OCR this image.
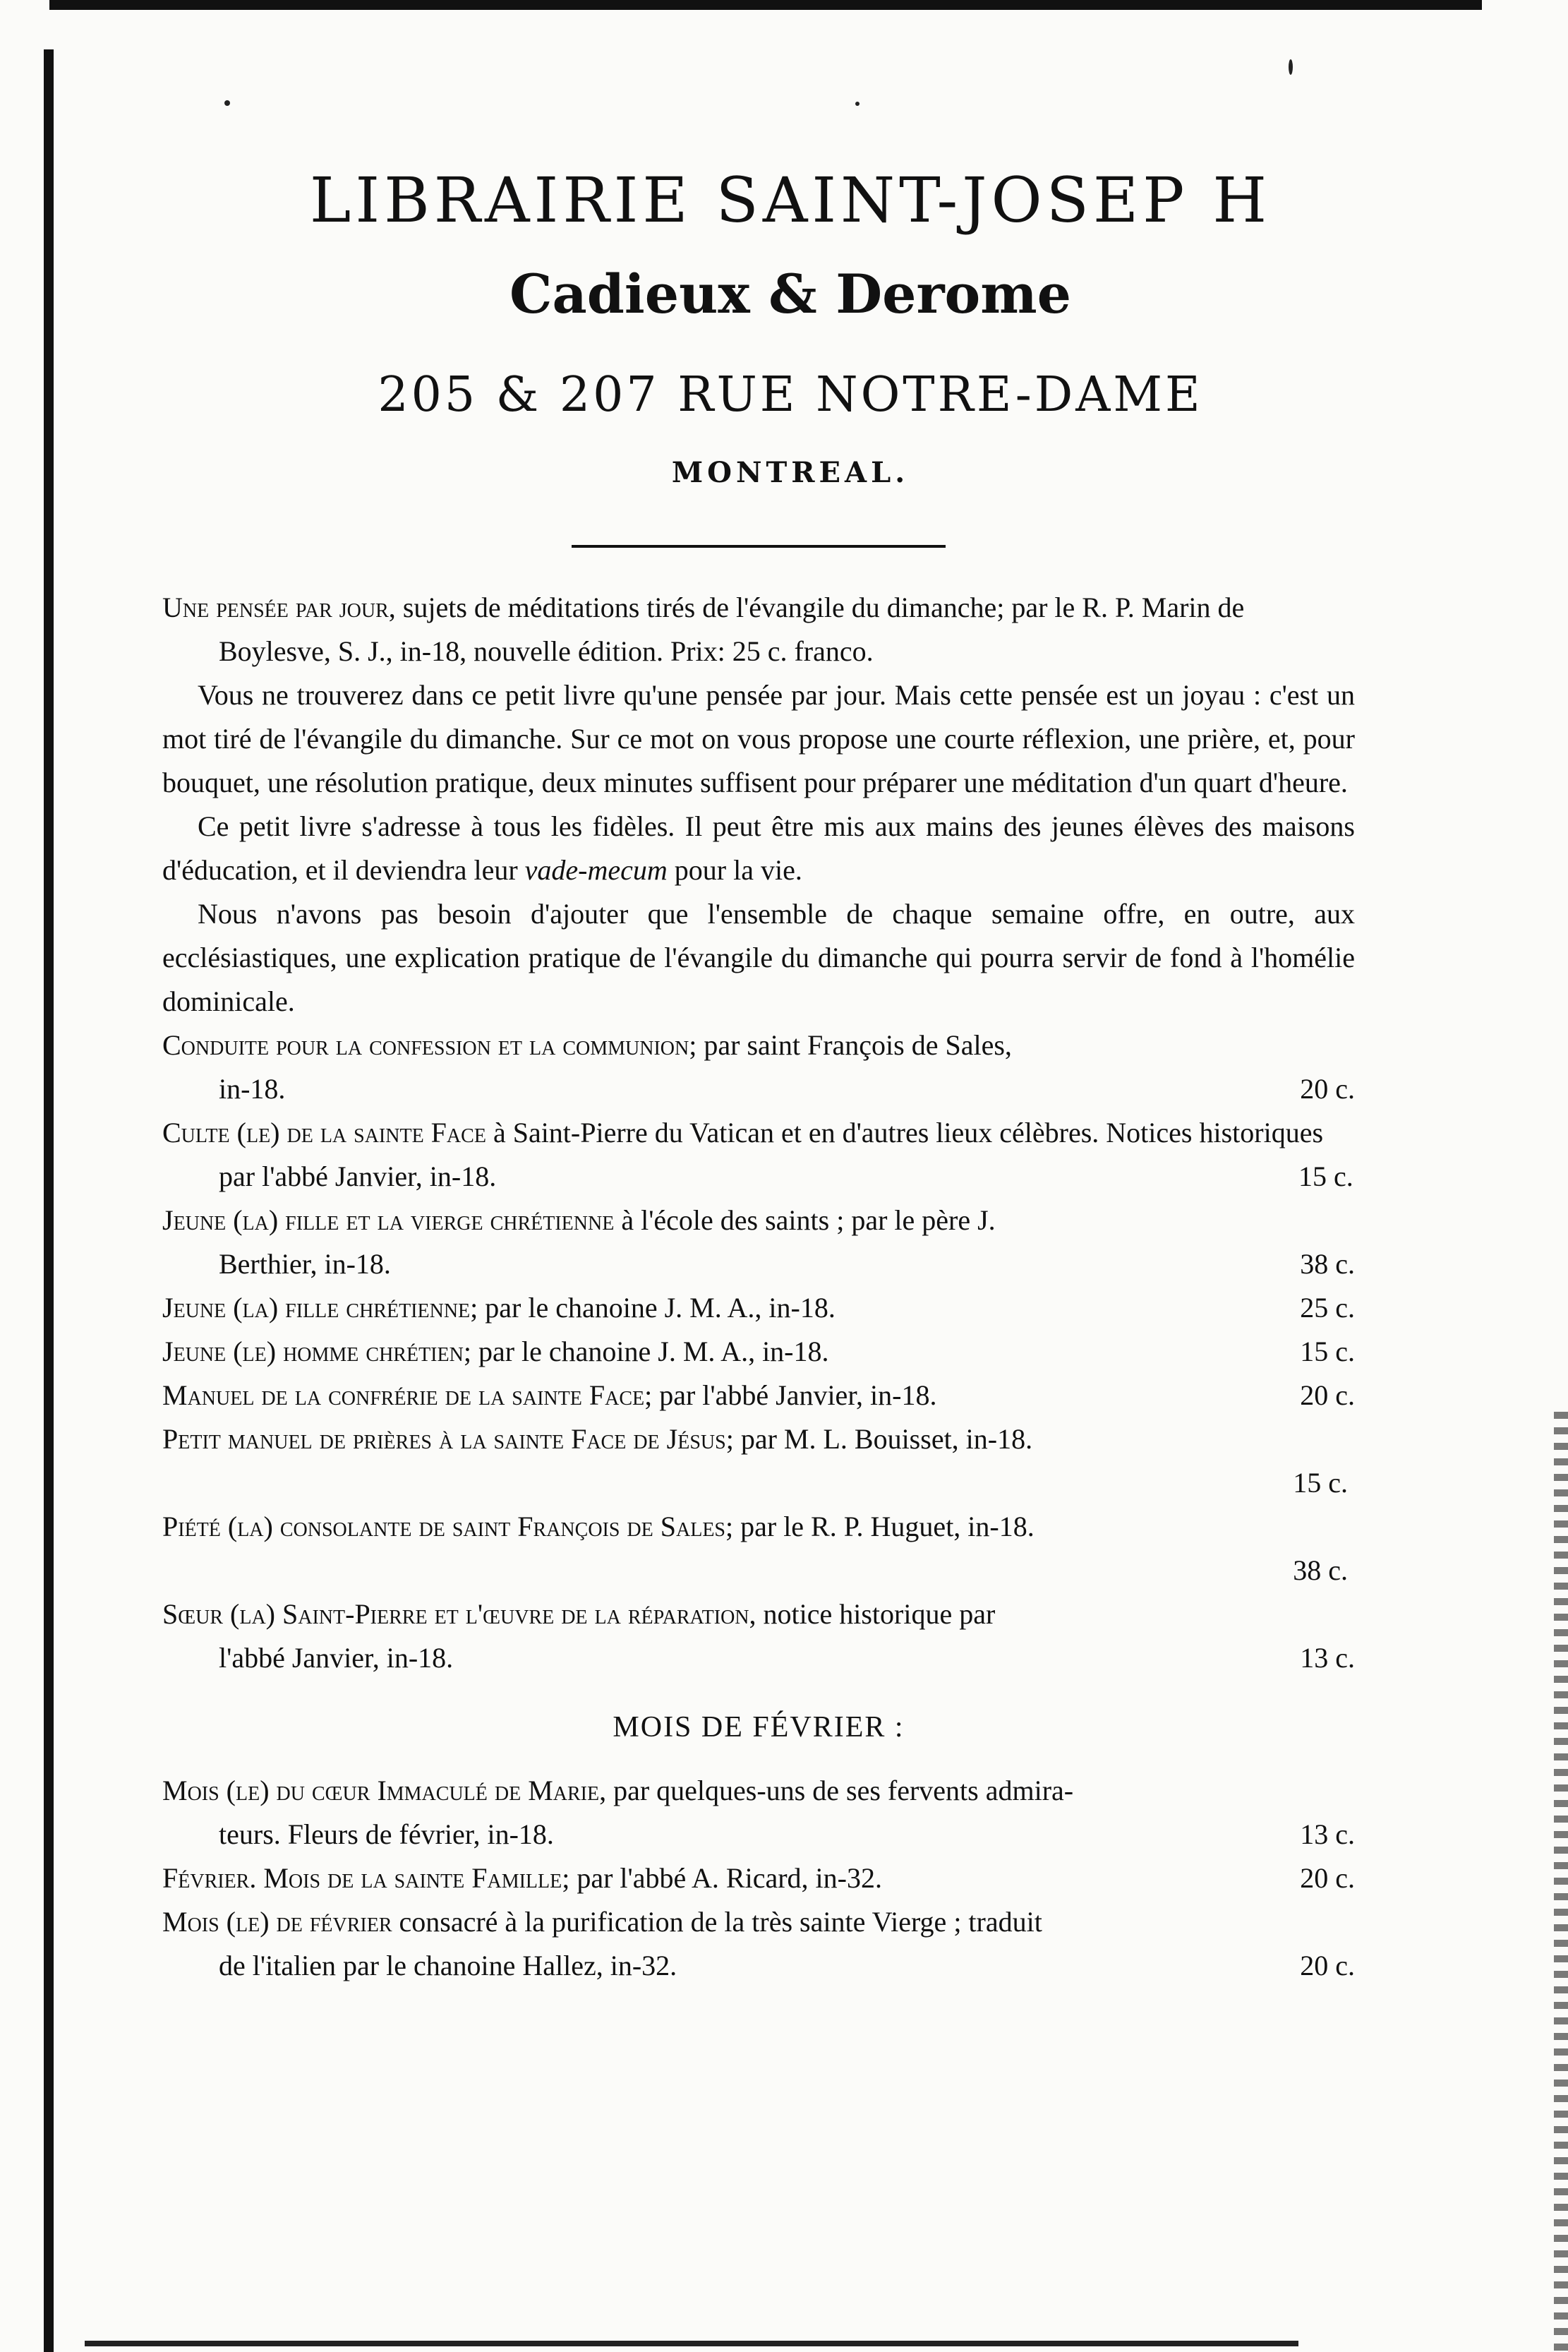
LIBRAIRIE SAINT-JOSEP H
Cadieux & Derome
205 & 207 RUE NOTRE-DAME
MONTREAL.

Une pensée par jour, sujets de méditations tirés de l'évangile du dimanche; par le R. P. Marin de Boylesve, S. J., in-18, nouvelle édition. Prix: 25 c. franco.

Vous ne trouverez dans ce petit livre qu'une pensée par jour. Mais cette pensée est un joyau : c'est un mot tiré de l'évangile du dimanche. Sur ce mot on vous propose une courte réflexion, une prière, et, pour bouquet, une résolution pratique, deux minutes suffisent pour préparer une méditation d'un quart d'heure.

Ce petit livre s'adresse à tous les fidèles. Il peut être mis aux mains des jeunes élèves des maisons d'éducation, et il deviendra leur vade-mecum pour la vie.

Nous n'avons pas besoin d'ajouter que l'ensemble de chaque semaine offre, en outre, aux ecclésiastiques, une explication pratique de l'évangile du dimanche qui pourra servir de fond à l'homélie dominicale.

Conduite pour la confession et la communion; par saint François de Sales,

in-18.	20 c.

Culte (le) de la sainte Face à Saint-Pierre du Vatican et en d'autres lieux célèbres. Notices historiques par l'abbé Janvier, in-18.	15 c.

Jeune (la) fille et la vierge chrétienne à l'école des saints ; par le père J.

Berthier, in-18.	38 c.
Jeune (la) fille chrétienne; par le chanoine J. M. A., in-18.	25 c.
Jeune (le) homme chrétien; par le chanoine J. M. A., in-18.	15 c.
Manuel de la confrérie de la sainte Face; par l'abbé Janvier, in-18.	20 c.

Petit manuel de prières à la sainte Face de Jésus; par M. L. Bouisset, in-18.

15 c.

Piété (la) consolante de saint François de Sales; par le R. P. Huguet, in-18.

38 c.

Sœur (la) Saint-Pierre et l'œuvre de la réparation, notice historique par

l'abbé Janvier, in-18.	13 c.
MOIS DE FÉVRIER :

Mois (le) du cœur Immaculé de Marie, par quelques-uns de ses fervents admira-

teurs. Fleurs de février, in-18.	13 c.
Février. Mois de la sainte Famille; par l'abbé A. Ricard, in-32.	20 c.

Mois (le) de février consacré à la purification de la très sainte Vierge ; traduit

de l'italien par le chanoine Hallez, in-32.	20 c.
